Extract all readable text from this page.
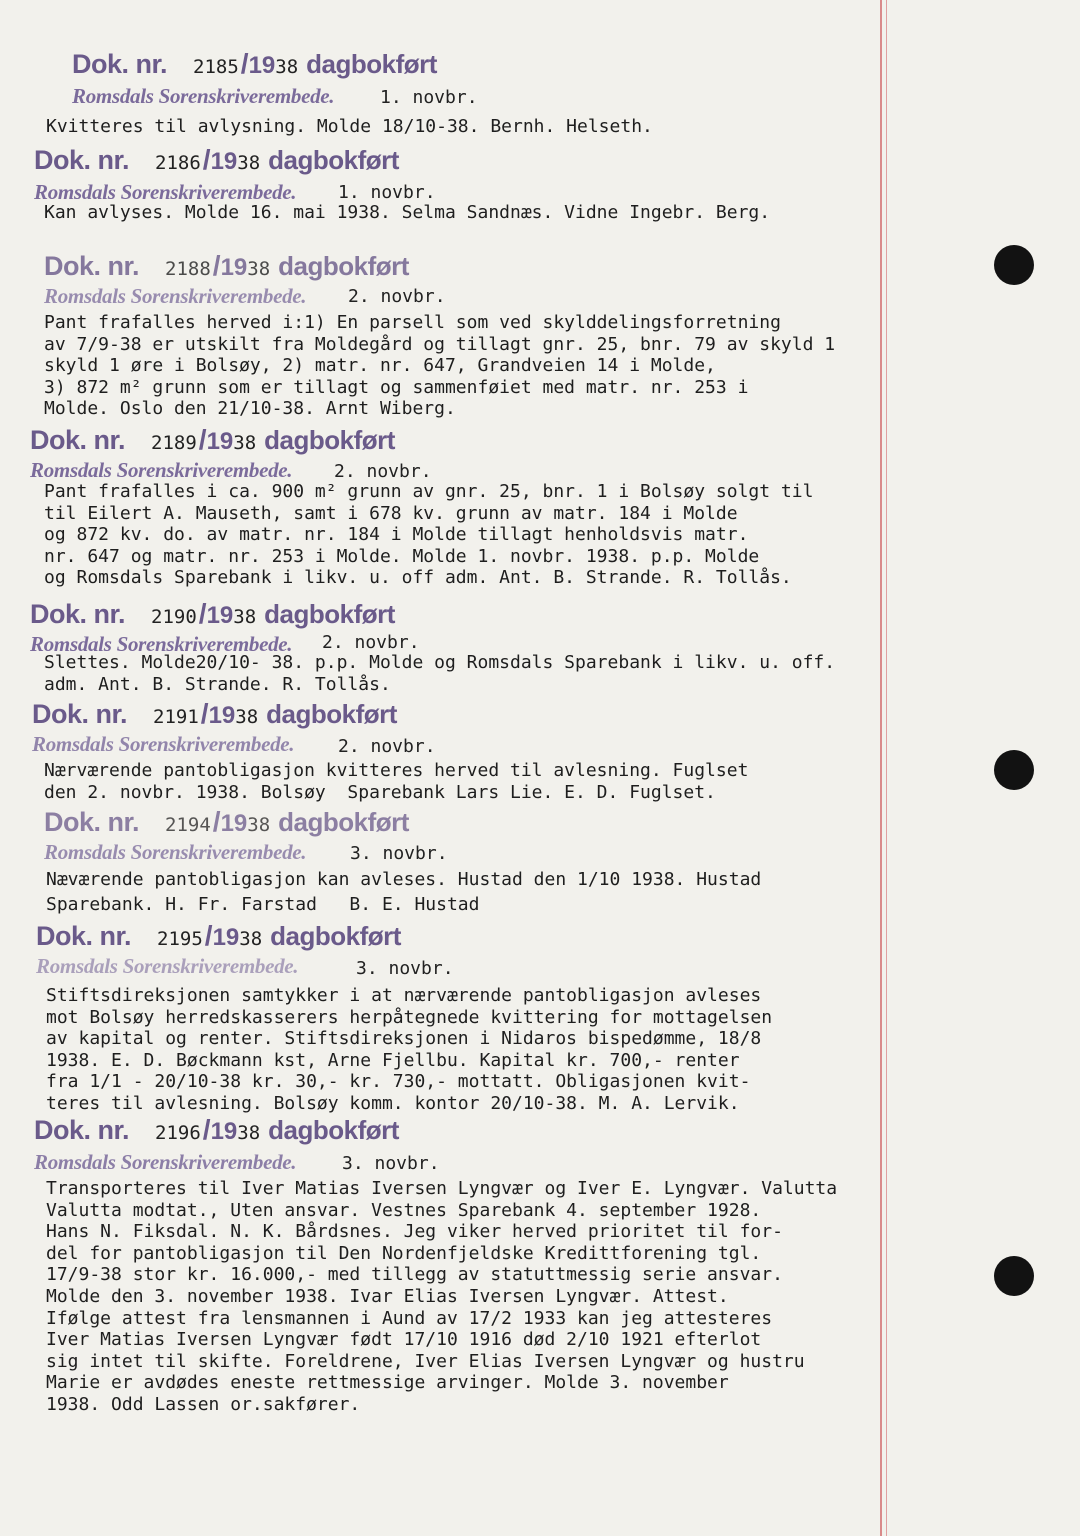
Dok. nr. 2185/1938 dagbokført
Romsdals Sorenskriverembede.	1. novbr.
Kvitteres til avlysning. Molde 18/10-38. Bernh. Helseth.
Dok. nr. 2186/1938 dagbokført
Romsdals Sorenskriverembede. 1. novbr.
Kan avlyses. Molde 16. mai 1938. Selma Sandnæs. Vidne Ingebr. Berg.
Dok. nr. 2188/1938 dagbokført
Romsdals Sorenskriverembede. 2. novbr.
Pant frafalles herved i:1) En parsell som ved skylddelingsforretning
av 7/9-38 er utskilt fra Moldegård og tillagt gnr. 25, bnr. 79 av skyld 1
skyld 1 øre i Bolsøy, 2) matr. nr. 647, Grandveien 14 i Molde,
3) 872 m² grunn som er tillagt og sammenføiet med matr. nr. 253 i
Molde. Oslo den 21/10-38. Arnt Wiberg.
Dok. nr. 2189/1938 dagbokført
Romsdals Sorenskriverembede. 2. novbr.
Pant frafalles i ca. 900 m² grunn av gnr. 25, bnr. 1 i Bolsøy solgt til
til Eilert A. Mauseth, samt i 678 kv. grunn av matr. 184 i Molde
og 872 kv. do. av matr. nr. 184 i Molde tillagt henholdsvis matr.
nr. 647 og matr. nr. 253 i Molde. Molde 1. novbr. 1938. p.p. Molde
og Romsdals Sparebank i likv. u. off adm. Ant. B. Strande. R. Tollås.
Dok. nr. 2190/1938 dagbokført
Romsdals Sorenskriverembede. 2. novbr.
Slettes. Molde20/10- 38. p.p. Molde og Romsdals Sparebank i likv. u. off.
adm. Ant. B. Strande. R. Tollås.
Dok. nr. 2191/1938 dagbokført
Romsdals Sorenskriverembede. 2. novbr.
Nærværende pantobligasjon kvitteres herved til avlesning. Fuglset
den 2. novbr. 1938. Bolsøy  Sparebank Lars Lie. E. D. Fuglset.
Dok. nr. 2194/1938 dagbokført
Romsdals Sorenskriverembede. 3. novbr.
Næværende pantobligasjon kan avleses. Hustad den 1/10 1938. Hustad
Sparebank. H. Fr. Farstad   B. E. Hustad
Dok. nr. 2195/1938 dagbokført
Romsdals Sorenskriverembede.	3. novbr.
Stiftsdireksjonen samtykker i at nærværende pantobligasjon avleses
mot Bolsøy herredskasserers herpåtegnede kvittering for mottagelsen
av kapital og renter. Stiftsdireksjonen i Nidaros bispedømme, 18/8
1938. E. D. Bøckmann kst, Arne Fjellbu. Kapital kr. 700,- renter
fra 1/1 - 20/10-38 kr. 30,- kr. 730,- mottatt. Obligasjonen kvit-
teres til avlesning. Bolsøy komm. kontor 20/10-38. M. A. Lervik.
Dok. nr. 2196/1938 dagbokført
Romsdals Sorenskriverembede.	3. novbr.
Transporteres til Iver Matias Iversen Lyngvær og Iver E. Lyngvær. Valutta
Valutta modtat., Uten ansvar. Vestnes Sparebank 4. september 1928.
Hans N. Fiksdal. N. K. Bårdsnes. Jeg viker herved prioritet til for-
del for pantobligasjon til Den Nordenfjeldske Kredittforening tgl.
17/9-38 stor kr. 16.000,- med tillegg av statuttmessig serie ansvar.
Molde den 3. november 1938. Ivar Elias Iversen Lyngvær. Attest.
Ifølge attest fra lensmannen i Aund av 17/2 1933 kan jeg attesteres
Iver Matias Iversen Lyngvær født 17/10 1916 død 2/10 1921 efterlot
sig intet til skifte. Foreldrene, Iver Elias Iversen Lyngvær og hustru
Marie er avdødes eneste rettmessige arvinger. Molde 3. november
1938. Odd Lassen or.sakfører.
